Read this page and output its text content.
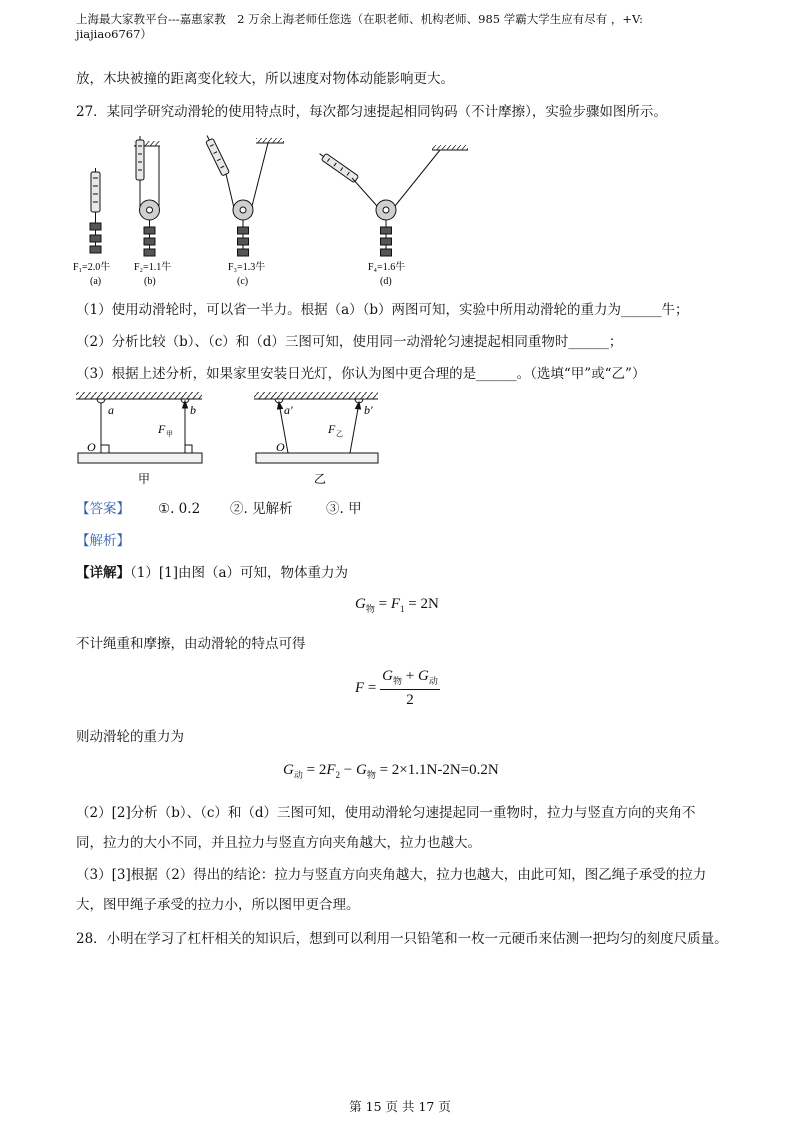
上海最大家教平台---嘉惠家教　2 万余上海老师任您选（在职老师、机构老师、985 学霸大学生应有尽有 ，+V:
jiajiao6767）
放，木块被撞的距离变化较大，所以速度对物体动能影响更大。
27．某同学研究动滑轮的使用特点时，每次都匀速提起相同钩码（不计摩擦），实验步骤如图所示。
F₁=2.0牛
(a)
F₂=1.1牛
(b)
F₃=1.3牛
(c)
F₄=1.6牛
(d)
（1）使用动滑轮时，可以省一半力。根据（a）（b）两图可知，实验中所用动滑轮的重力为______牛；
（2）分析比较（b）、（c）和（d）三图可知，使用同一动滑轮匀速提起相同重物时______；
（3）根据上述分析，如果家里安装日光灯，你认为图中更合理的是______。（选填“甲”或“乙”）
a	b
O
F 甲
甲
a′	b′
O
F 乙
乙
【答案】 ①. 0.2 ②. 见解析 ③. 甲
【解析】
【详解】（1）[1]由图（a）可知，物体重力为
$G_物 = F_1 = 2N$
不计绳重和摩擦，由动滑轮的特点可得
$F = \frac{G_物 + G_动}{2}$
则动滑轮的重力为
$G_动 = 2F_2 - G_物 = 2\times 1.1N-2N=0.2N$
（2）[2]分析（b）、（c）和（d）三图可知，使用动滑轮匀速提起同一重物时，拉力与竖直方向的夹角不
同，拉力的大小不同，并且拉力与竖直方向夹角越大，拉力也越大。
（3）[3]根据（2）得出的结论：拉力与竖直方向夹角越大，拉力也越大，由此可知，图乙绳子承受的拉力
大，图甲绳子承受的拉力小，所以图甲更合理。
28．小明在学习了杠杆相关的知识后，想到可以利用一只铅笔和一枚一元硬币来估测一把均匀的刻度尺质量。
第 15 页 共 17 页
